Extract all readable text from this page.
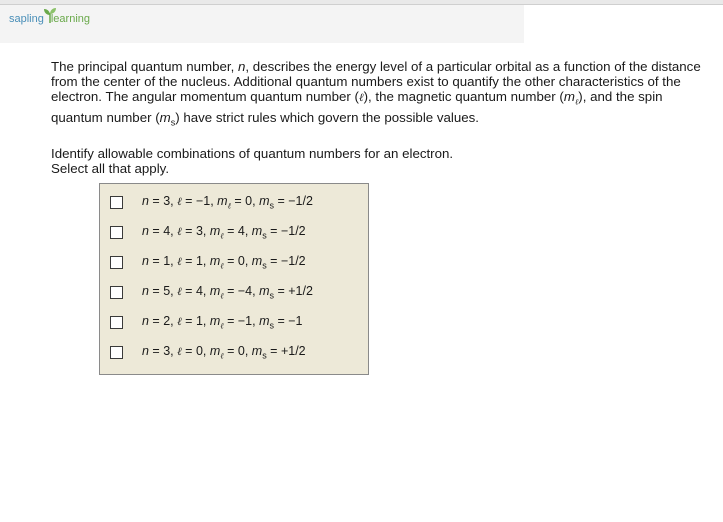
sapling learning

The principal quantum number, n, describes the energy level of a particular orbital as a function of the distance from the center of the nucleus. Additional quantum numbers exist to quantify the other characteristics of the electron. The angular momentum quantum number (ℓ), the magnetic quantum number $(m_\ell)$, and the spin quantum number $(m_s)$ have strict rules which govern the possible values.

Identify allowable combinations of quantum numbers for an electron.
Select all that apply.

n = 3, ℓ = −1, $m_\ell = 0$, $m_s = -1/2$
n = 4, ℓ = 3, $m_\ell = 4$, $m_s = -1/2$
n = 1, ℓ = 1, $m_\ell = 0$, $m_s = -1/2$
n = 5, ℓ = 4, $m_\ell = -4$, $m_s = +1/2$
n = 2, ℓ = 1, $m_\ell = -1$, $m_s = -1$
n = 3, ℓ = 0, $m_\ell = 0$, $m_s = +1/2$
